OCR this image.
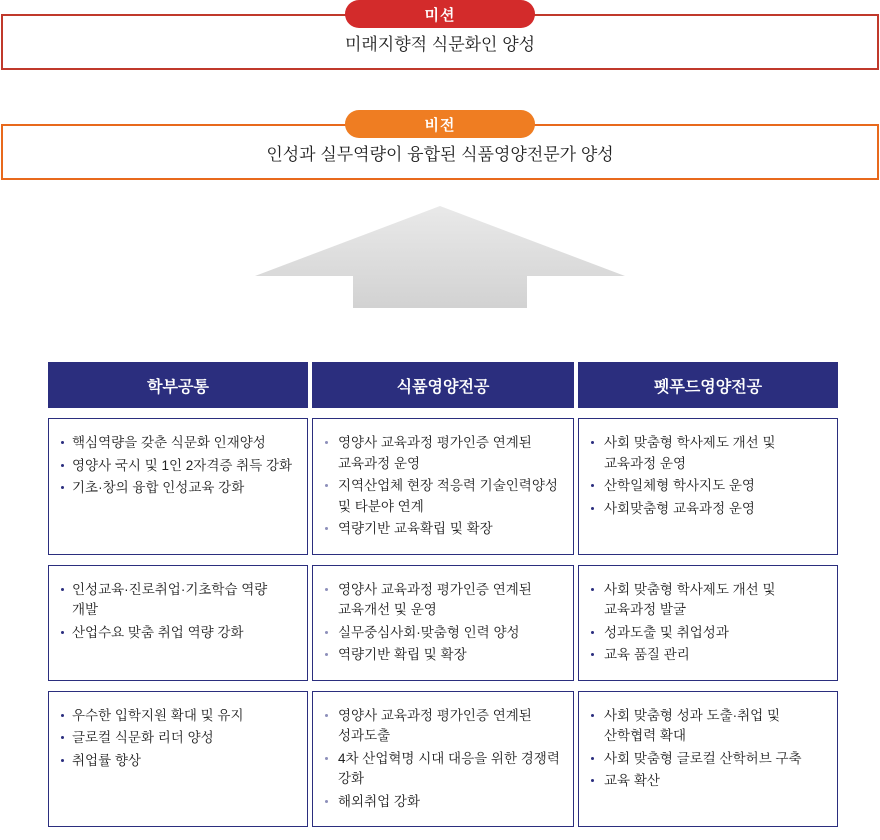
미션
미래지향적 식문화인 양성
비전
인성과 실무역량이 융합된 식품영양전문가 양성
학부공통	식품영양전공	펫푸드영양전공
핵심역량을 갖춘 식문화 인재양성
영양사 국시 및 1인 2자격증 취득 강화
기초·창의 융합 인성교육 강화
영양사 교육과정 평가인증 연계된 교육과정 운영
지역산업체 현장 적응력 기술인력양성 및 타분야 연계
역량기반 교육확립 및 확장
사회 맞춤형 학사제도 개선 및 교육과정 운영
산학일체형 학사지도 운영
사회맞춤형 교육과정 운영
인성교육·진로취업·기초학습 역량 개발
산업수요 맞춤 취업 역량 강화
영양사 교육과정 평가인증 연계된 교육개선 및 운영
실무중심사회·맞춤형 인력 양성
역량기반 확립 및 확장
사회 맞춤형 학사제도 개선 및 교육과정 발굴
성과도출 및 취업성과
교육 품질 관리
우수한 입학지원 확대 및 유지
글로컬 식문화 리더 양성
취업률 향상
영양사 교육과정 평가인증 연계된 성과도출
4차 산업혁명 시대 대응을 위한 경쟁력 강화
해외취업 강화
사회 맞춤형 성과 도출·취업 및 산학협력 확대
사회 맞춤형 글로컬 산학허브 구축
교육 확산
